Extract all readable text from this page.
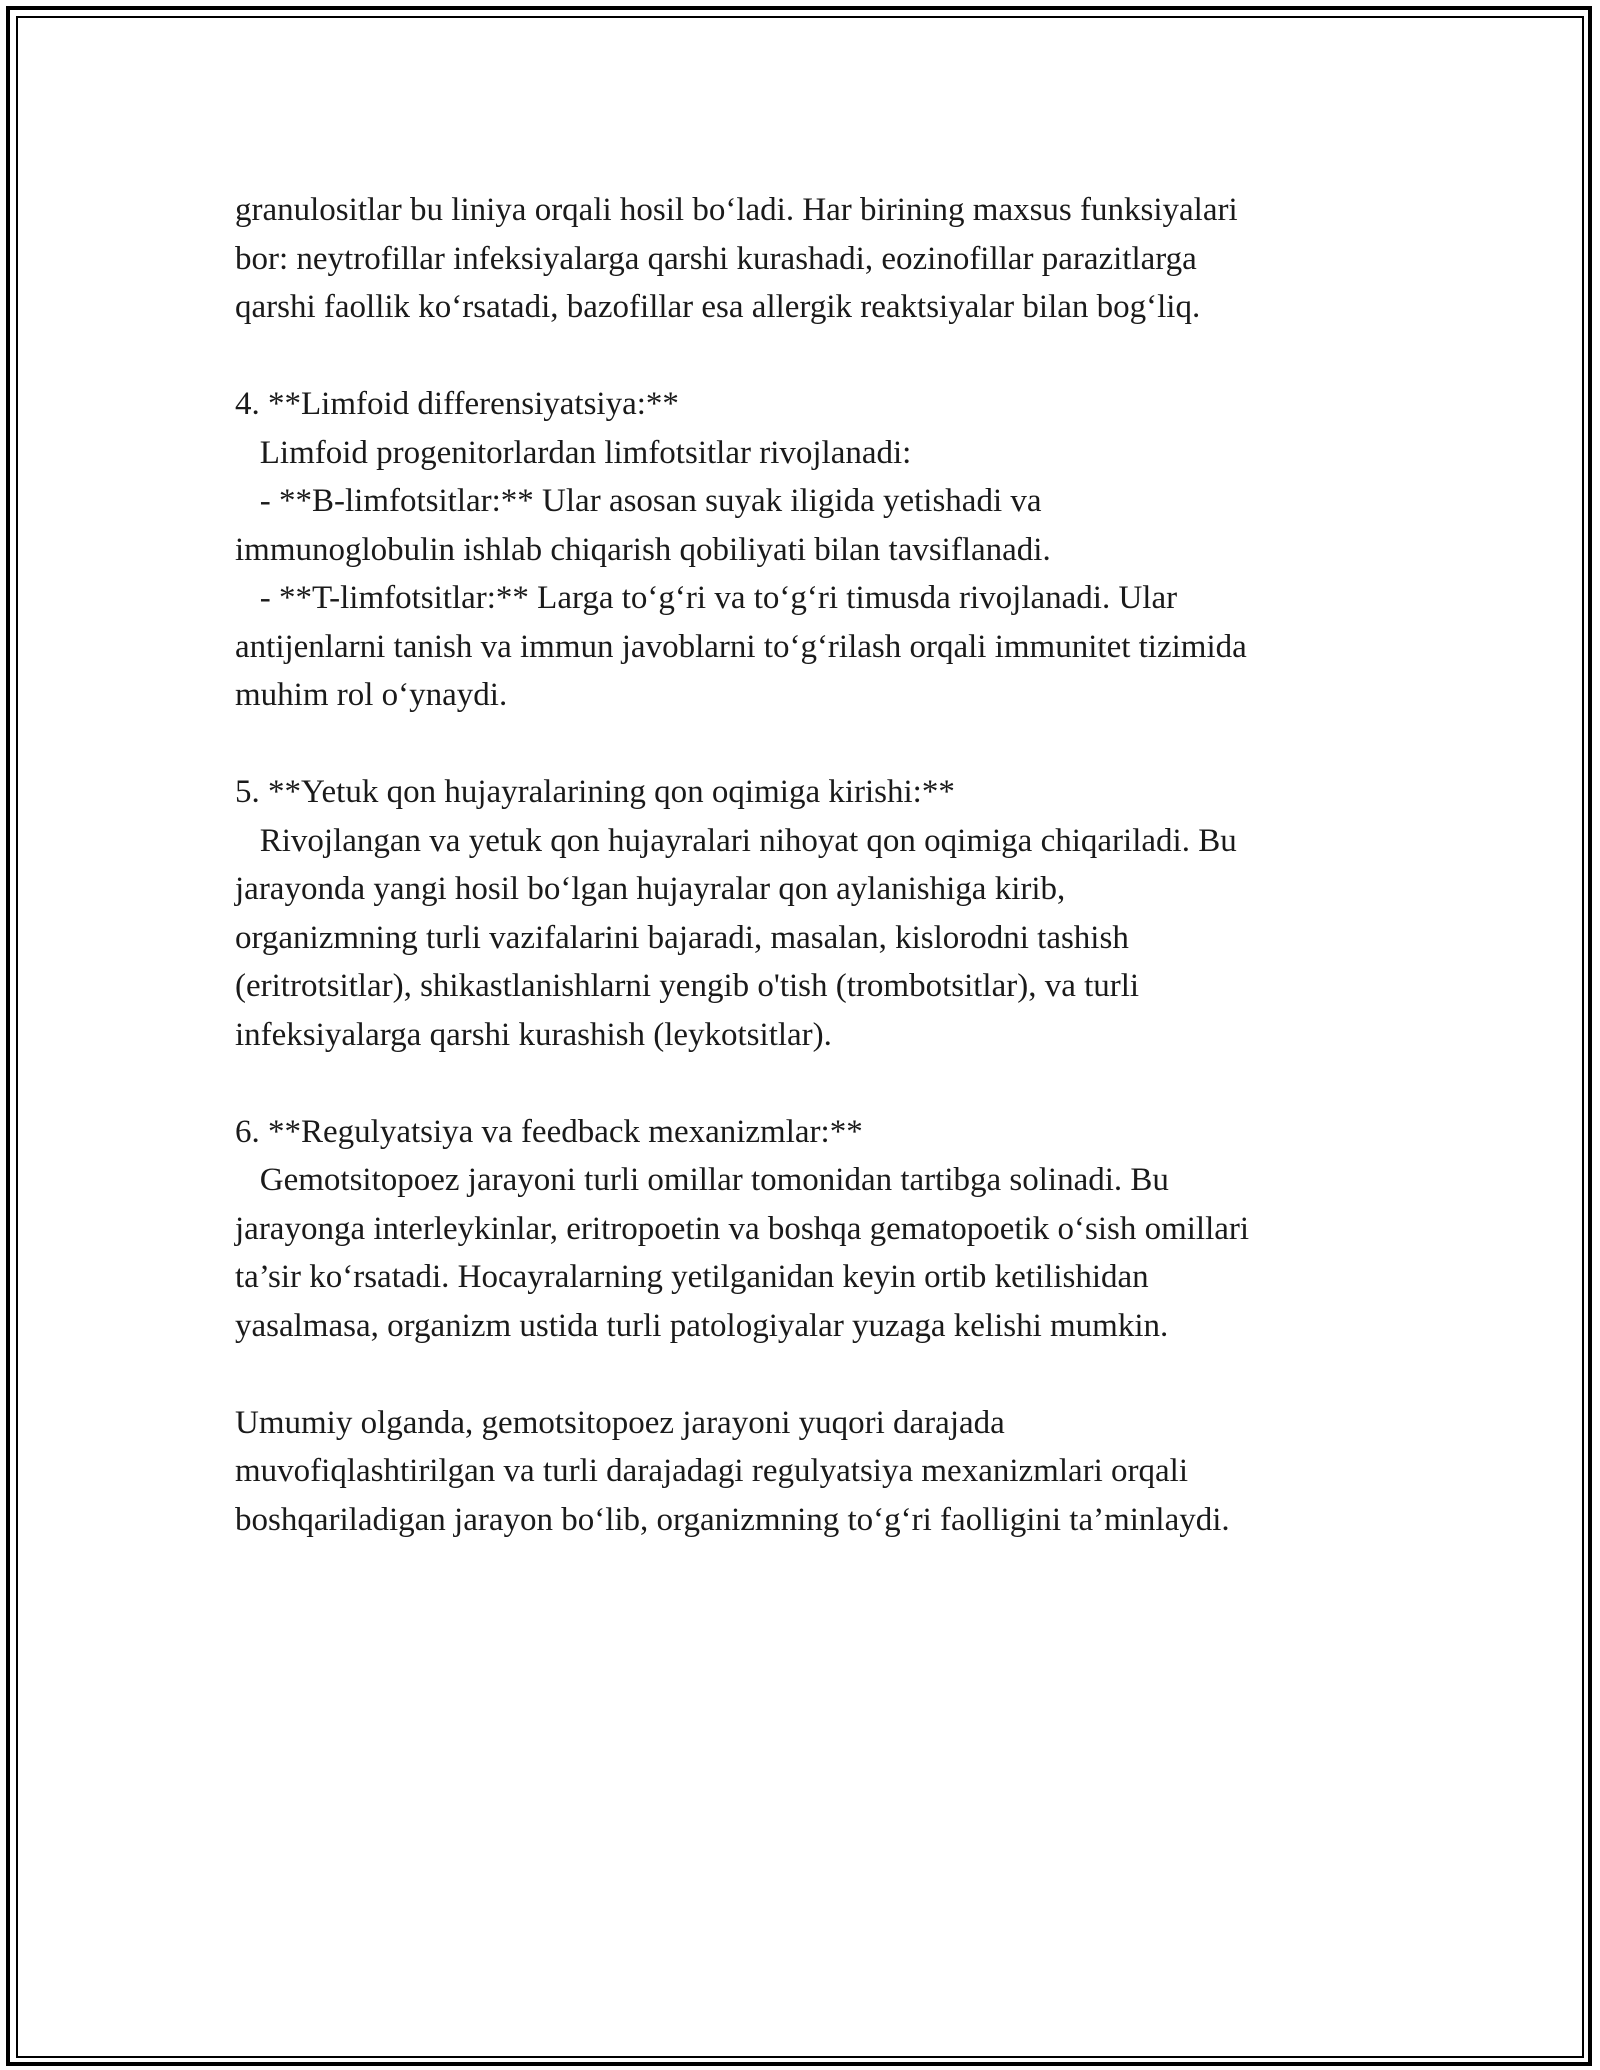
granulositlar bu liniya orqali hosil bo‘ladi. Har birining maxsus funksiyalari
bor: neytrofillar infeksiyalarga qarshi kurashadi, eozinofillar parazitlarga
qarshi faollik ko‘rsatadi, bazofillar esa allergik reaktsiyalar bilan bog‘liq.
4. **Limfoid differensiyatsiya:**
Limfoid progenitorlardan limfotsitlar rivojlanadi:
- **B-limfotsitlar:** Ular asosan suyak iligida yetishadi va
immunoglobulin ishlab chiqarish qobiliyati bilan tavsiflanadi.
- **T-limfotsitlar:** Larga to‘g‘ri va to‘g‘ri timusda rivojlanadi. Ular
antijenlarni tanish va immun javoblarni to‘g‘rilash orqali immunitet tizimida
muhim rol o‘ynaydi.
5. **Yetuk qon hujayralarining qon oqimiga kirishi:**
Rivojlangan va yetuk qon hujayralari nihoyat qon oqimiga chiqariladi. Bu
jarayonda yangi hosil bo‘lgan hujayralar qon aylanishiga kirib,
organizmning turli vazifalarini bajaradi, masalan, kislorodni tashish
(eritrotsitlar), shikastlanishlarni yengib o'tish (trombotsitlar), va turli
infeksiyalarga qarshi kurashish (leykotsitlar).
6. **Regulyatsiya va feedback mexanizmlar:**
Gemotsitopoez jarayoni turli omillar tomonidan tartibga solinadi. Bu
jarayonga interleykinlar, eritropoetin va boshqa gematopoetik o‘sish omillari
ta’sir ko‘rsatadi. Hocayralarning yetilganidan keyin ortib ketilishidan
yasalmasa, organizm ustida turli patologiyalar yuzaga kelishi mumkin.
Umumiy olganda, gemotsitopoez jarayoni yuqori darajada
muvofiqlashtirilgan va turli darajadagi regulyatsiya mexanizmlari orqali
boshqariladigan jarayon bo‘lib, organizmning to‘g‘ri faolligini ta’minlaydi.
